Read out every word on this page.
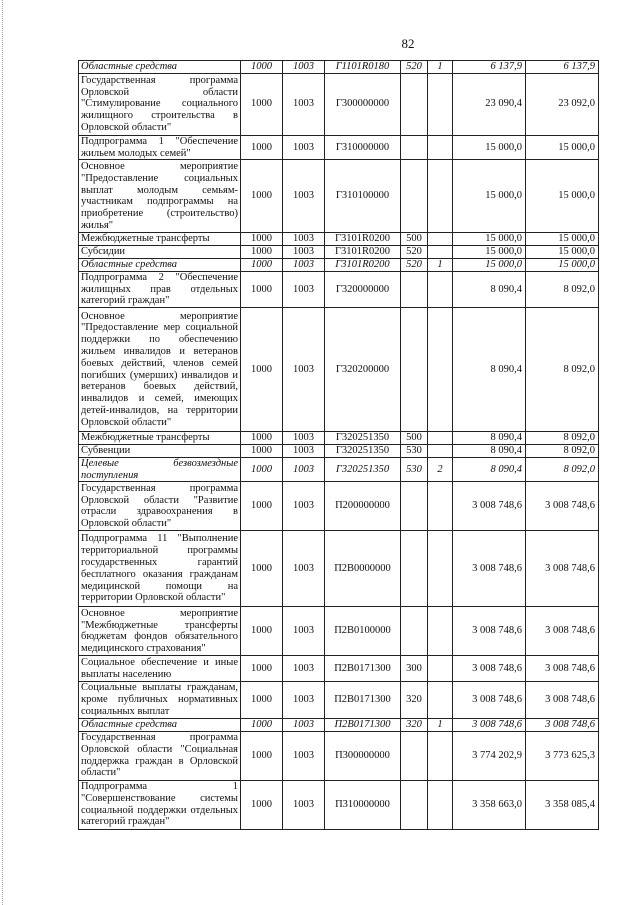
82
Областные средства	1000	1003	Г1101R0180	520	1	6 137,9	6 137,9
Государственная программа Орловской области "Стимулирование социального жилищного строительства в Орловской области"	1000	1003	Г300000000			23 090,4	23 092,0
Подпрограмма 1 "Обеспечение жильем молодых семей"	1000	1003	Г310000000			15 000,0	15 000,0
Основное мероприятие "Предоставление социальных выплат молодым семьям-участникам подпрограммы на приобретение (строительство) жилья"	1000	1003	Г310100000			15 000,0	15 000,0
Межбюджетные трансферты	1000	1003	Г3101R0200	500		15 000,0	15 000,0
Субсидии	1000	1003	Г3101R0200	520		15 000,0	15 000,0
Областные средства	1000	1003	Г3101R0200	520	1	15 000,0	15 000,0
Подпрограмма 2 "Обеспечение жилищных прав отдельных категорий граждан"	1000	1003	Г320000000			8 090,4	8 092,0
Основное мероприятие "Предоставление мер социальной поддержки по обеспечению жильем инвалидов и ветеранов боевых действий, членов семей погибших (умерших) инвалидов и ветеранов боевых действий, инвалидов и семей, имеющих детей-инвалидов, на территории Орловской области"	1000	1003	Г320200000			8 090,4	8 092,0
Межбюджетные трансферты	1000	1003	Г320251350	500		8 090,4	8 092,0
Субвенции	1000	1003	Г320251350	530		8 090,4	8 092,0
Целевые безвозмездные поступления	1000	1003	Г320251350	530	2	8 090,4	8 092,0
Государственная программа Орловской области "Развитие отрасли здравоохранения в Орловской области"	1000	1003	П200000000			3 008 748,6	3 008 748,6
Подпрограмма 11 "Выполнение территориальной программы государственных гарантий бесплатного оказания гражданам медицинской помощи на территории Орловской области"	1000	1003	П2В0000000			3 008 748,6	3 008 748,6
Основное мероприятие "Межбюджетные трансферты бюджетам фондов обязательного медицинского страхования"	1000	1003	П2В0100000			3 008 748,6	3 008 748,6
Социальное обеспечение и иные выплаты населению	1000	1003	П2В0171300	300		3 008 748,6	3 008 748,6
Социальные выплаты гражданам, кроме публичных нормативных социальных выплат	1000	1003	П2В0171300	320		3 008 748,6	3 008 748,6
Областные средства	1000	1003	П2В0171300	320	1	3 008 748,6	3 008 748,6
Государственная программа Орловской области "Социальная поддержка граждан в Орловской области"	1000	1003	П300000000			3 774 202,9	3 773 625,3
Подпрограмма 1 "Совершенствование системы социальной поддержки отдельных категорий граждан"	1000	1003	П310000000			3 358 663,0	3 358 085,4
